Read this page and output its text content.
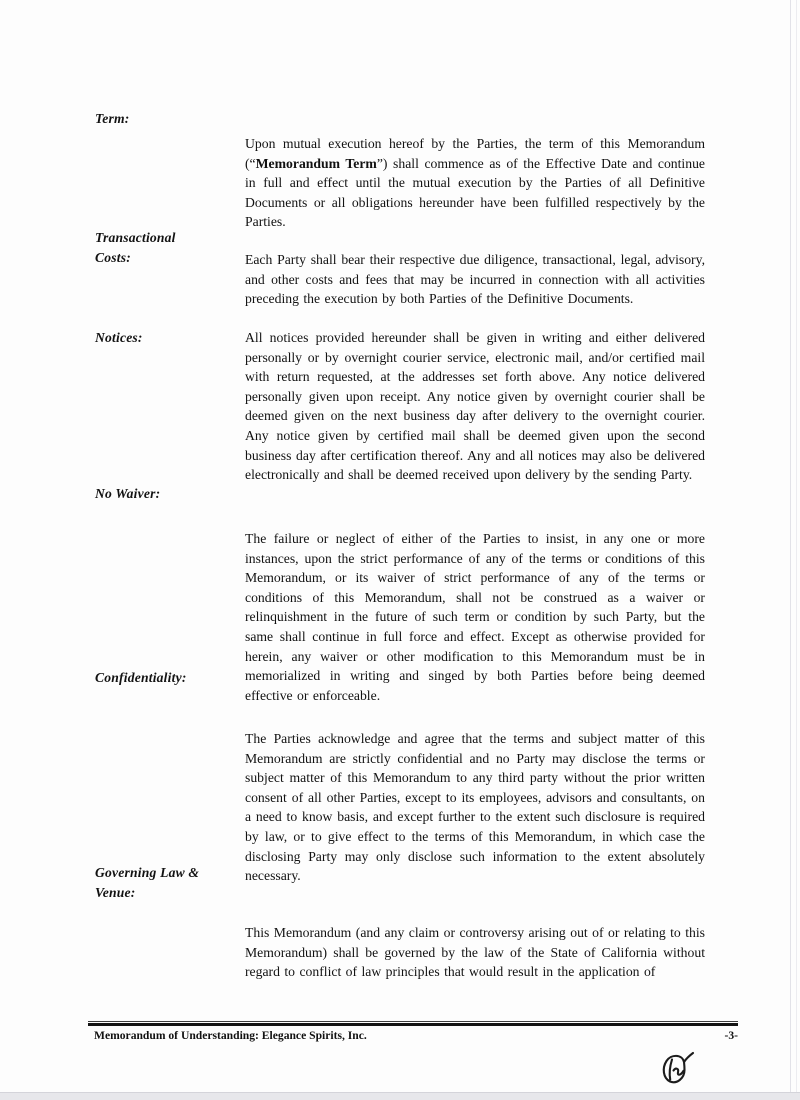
Term:

Upon mutual execution hereof by the Parties, the term of this Memorandum (“Memorandum Term”) shall commence as of the Effective Date and continue in full and effect until the mutual execution by the Parties of all Definitive Documents or all obligations hereunder have been fulfilled respectively by the Parties.

Transactional
Costs:	Each Party shall bear their respective due diligence, transactional, legal, advisory, and other costs and fees that may be incurred in connection with all activities preceding the execution by both Parties of the Definitive Documents.

Notices:	All notices provided hereunder shall be given in writing and either delivered personally or by overnight courier service, electronic mail, and/or certified mail with return requested, at the addresses set forth above. Any notice delivered personally given upon receipt. Any notice given by overnight courier shall be deemed given on the next business day after delivery to the overnight courier. Any notice given by certified mail shall be deemed given upon the second business day after certification thereof. Any and all notices may also be delivered electronically and shall be deemed received upon delivery by the sending Party.

No Waiver:

The failure or neglect of either of the Parties to insist, in any one or more instances, upon the strict performance of any of the terms or conditions of this Memorandum, or its waiver of strict performance of any of the terms or conditions of this Memorandum, shall not be construed as a waiver or relinquishment in the future of such term or condition by such Party, but the same shall continue in full force and effect. Except as otherwise provided for herein, any waiver or other modification to this Memorandum must be in memorialized in writing and singed by both Parties before being deemed effective or enforceable.

Confidentiality:

The Parties acknowledge and agree that the terms and subject matter of this Memorandum are strictly confidential and no Party may disclose the terms or subject matter of this Memorandum to any third party without the prior written consent of all other Parties, except to its employees, advisors and consultants, on a need to know basis, and except further to the extent such disclosure is required by law, or to give effect to the terms of this Memorandum, in which case the disclosing Party may only disclose such information to the extent absolutely necessary.

Governing Law &
Venue:

This Memorandum (and any claim or controversy arising out of or relating to this Memorandum) shall be governed by the law of the State of California without regard to conflict of law principles that would result in the application of

Memorandum of Understanding: Elegance Spirits, Inc.	-3-
